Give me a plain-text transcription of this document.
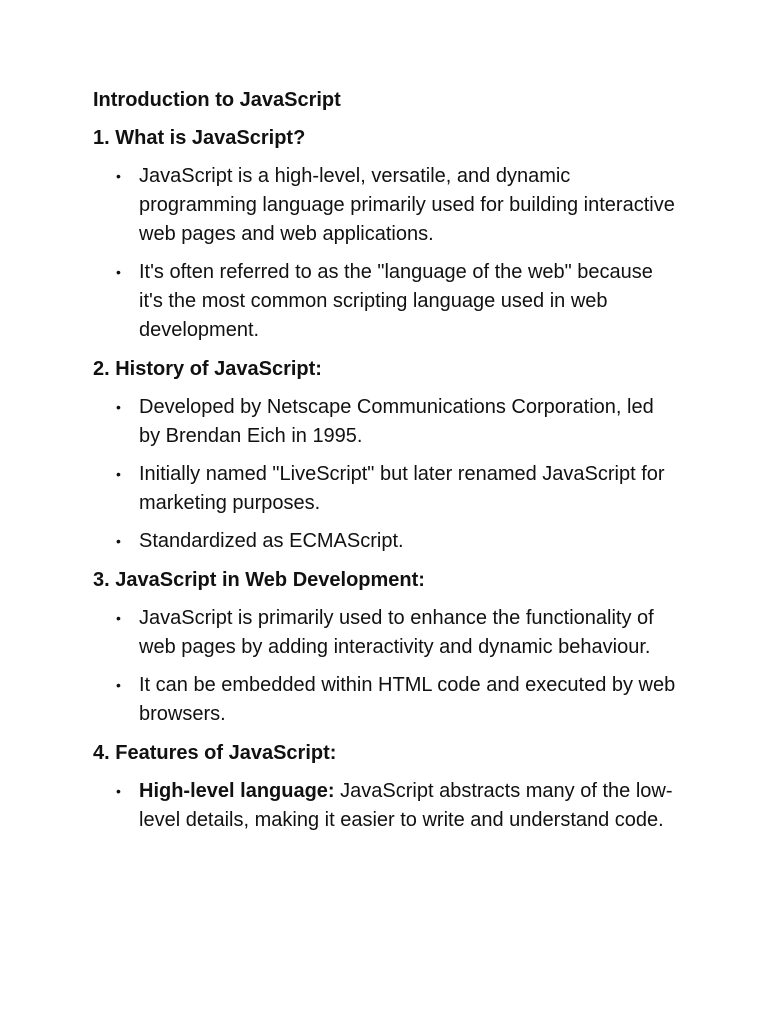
Introduction to JavaScript
1. What is JavaScript?
• JavaScript is a high-level, versatile, and dynamic programming language primarily used for building interactive web pages and web applications.
• It's often referred to as the "language of the web" because it's the most common scripting language used in web development.
2. History of JavaScript:
• Developed by Netscape Communications Corporation, led by Brendan Eich in 1995.
• Initially named "LiveScript" but later renamed JavaScript for marketing purposes.
• Standardized as ECMAScript.
3. JavaScript in Web Development:
• JavaScript is primarily used to enhance the functionality of web pages by adding interactivity and dynamic behaviour.
• It can be embedded within HTML code and executed by web browsers.
4. Features of JavaScript:
• High-level language: JavaScript abstracts many of the low-level details, making it easier to write and understand code.
